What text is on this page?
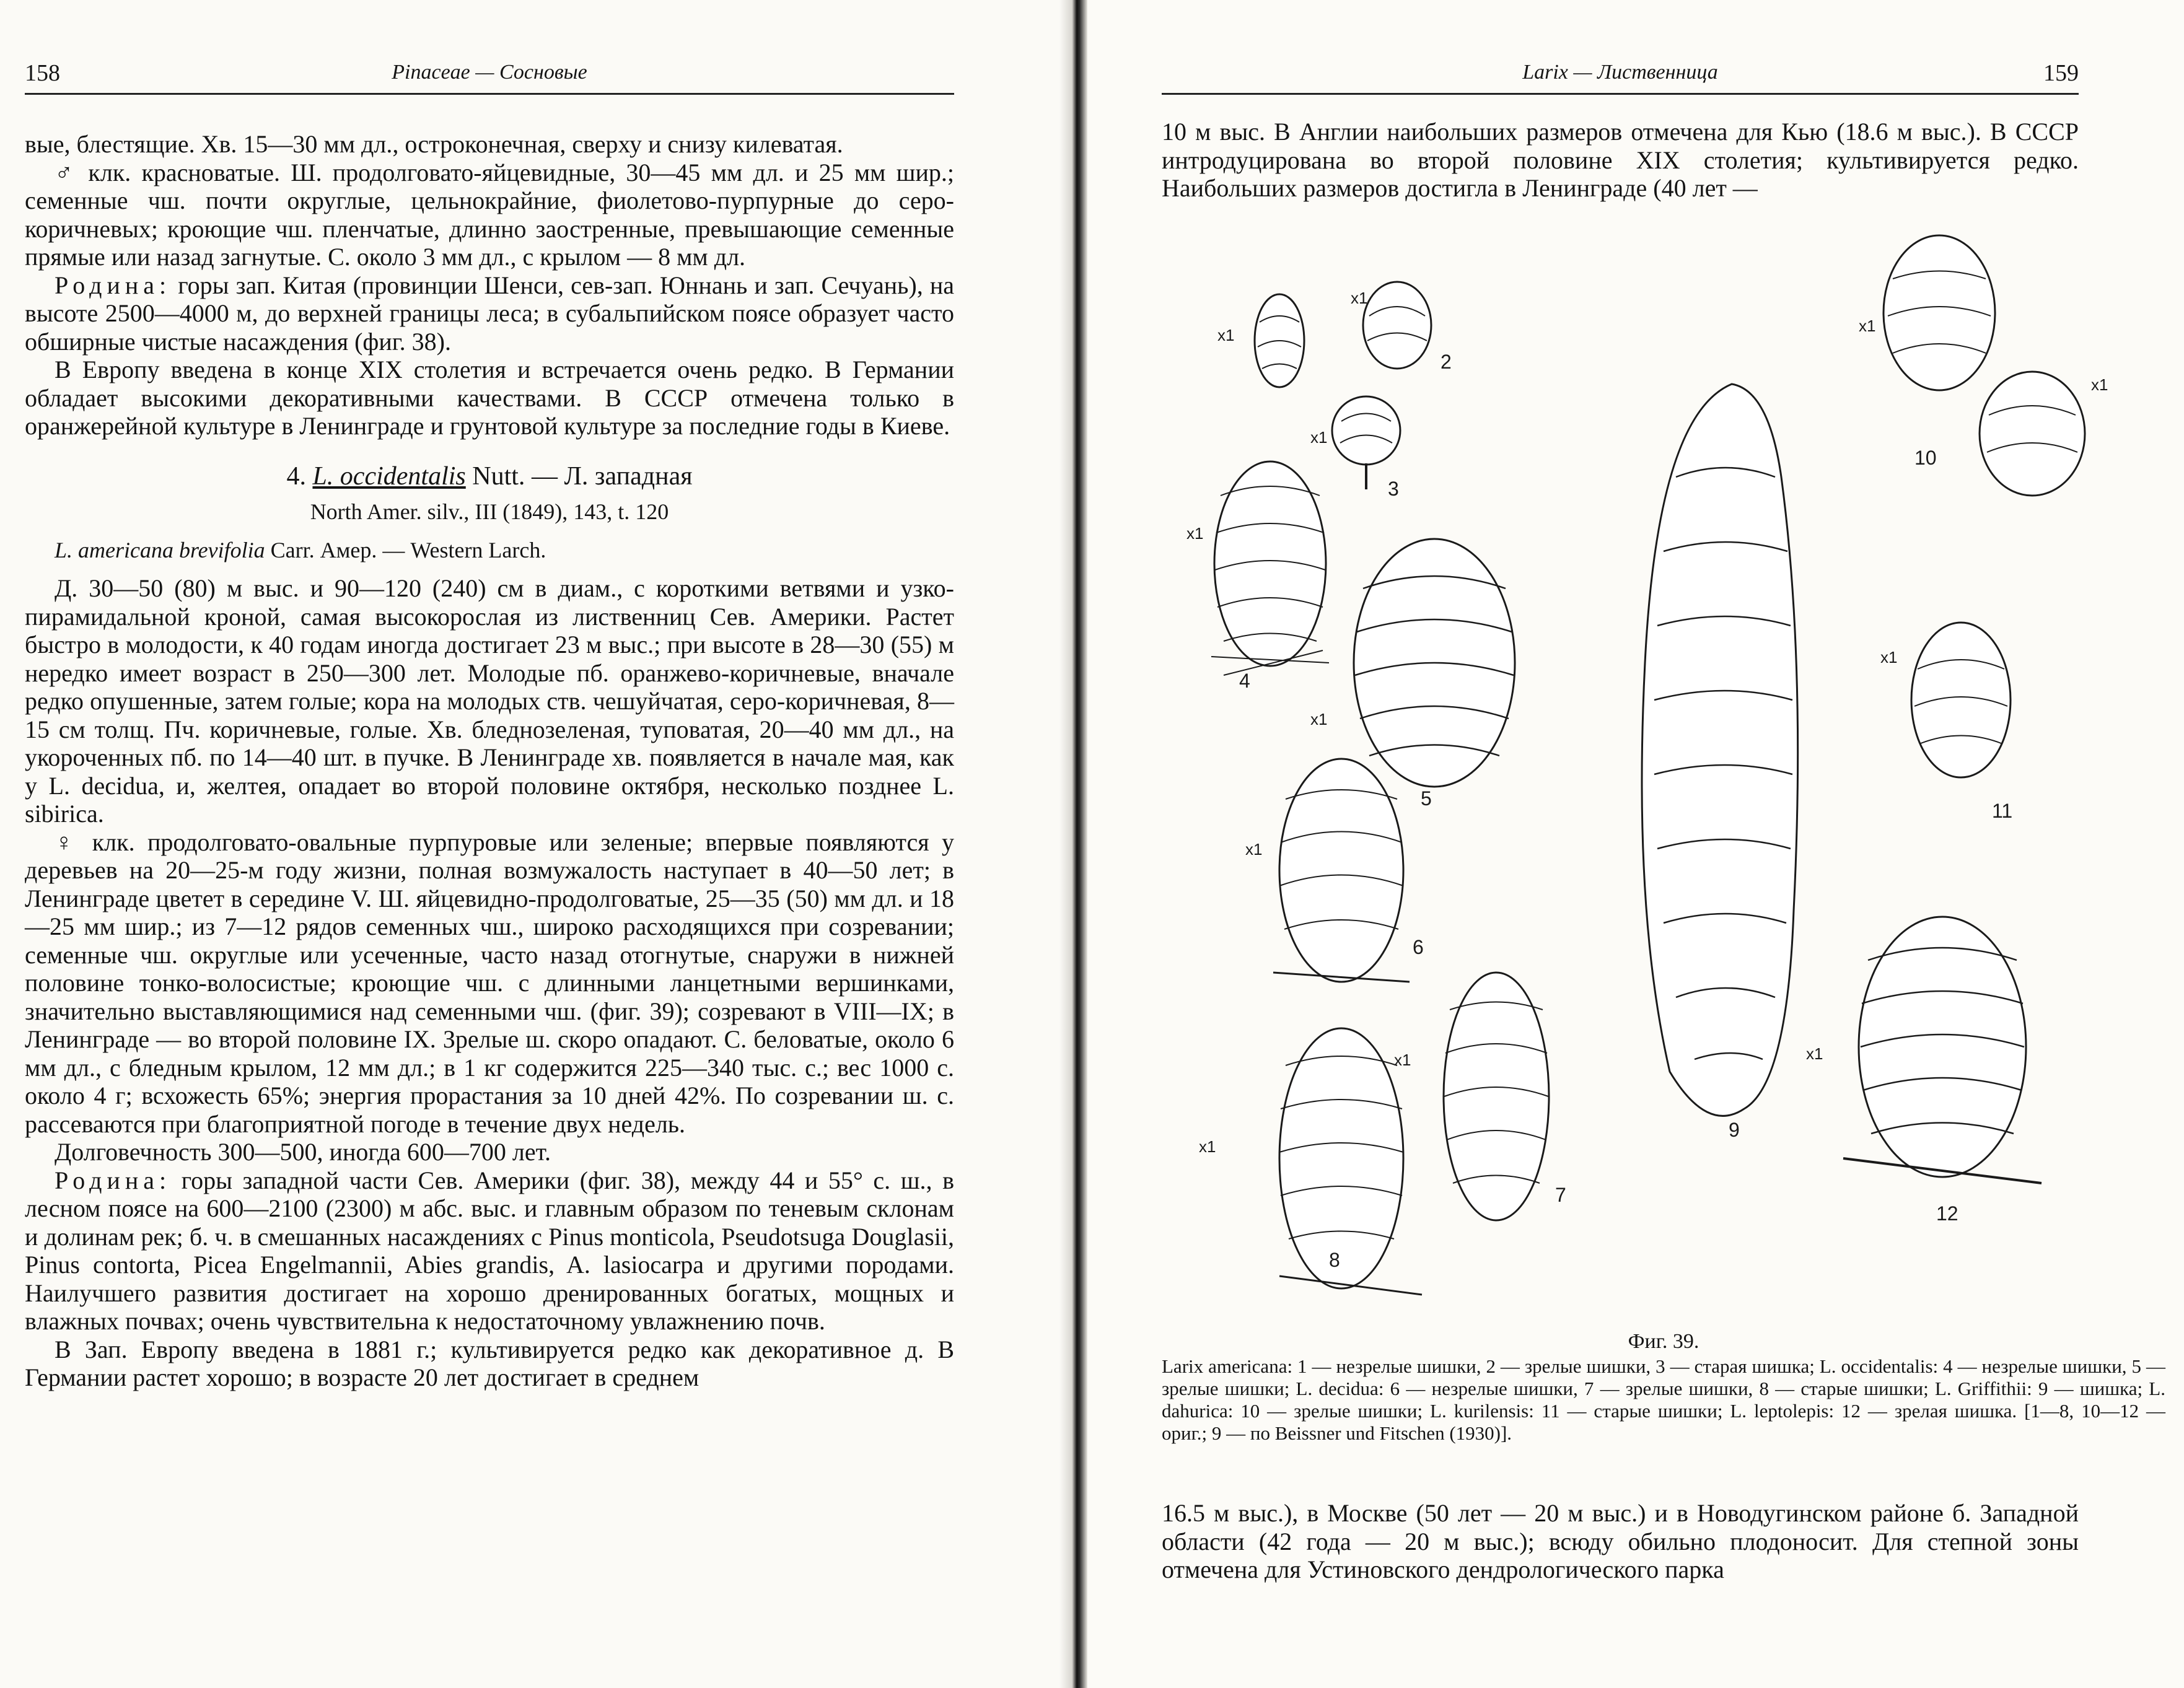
158	Pinaceae — Сосновые

вые, блестящие. Хв. 15—30 мм дл., остроконечная, сверху и снизу килеватая.

♂ клк. красноватые. Ш. продолговато-яйцевидные, 30—45 мм дл. и 25 мм шир.; семенные чш. почти округлые, цельнокрайние, фиолетово-пурпурные до серо-коричневых; кроющие чш. пленчатые, длинно заостренные, превышающие семенные прямые или назад загнутые. С. около 3 мм дл., с крылом — 8 мм дл.

Родина: горы зап. Китая (провинции Шенси, сев-зап. Юннань и зап. Сечуань), на высоте 2500—4000 м, до верхней границы леса; в субальпийском поясе образует часто обширные чистые насаждения (фиг. 38).

В Европу введена в конце XIX столетия и встречается очень редко. В Германии обладает высокими декоративными качествами. В СССР отмечена только в оранжерейной культуре в Ленинграде и грунтовой культуре за последние годы в Киеве.

4. L. occidentalis Nutt. — Л. западная

North Amer. silv., III (1849), 143, t. 120

L. americana brevifolia Carr. Амер. — Western Larch.

Д. 30—50 (80) м выс. и 90—120 (240) см в диам., с короткими ветвями и узко-пирамидальной кроной, самая высокорослая из лиственниц Сев. Америки. Растет быстро в молодости, к 40 годам иногда достигает 23 м выс.; при высоте в 28—30 (55) м нередко имеет возраст в 250—300 лет. Молодые пб. оранжево-коричневые, вначале редко опушенные, затем голые; кора на молодых ств. чешуйчатая, серо-коричневая, 8—15 см толщ. Пч. коричневые, голые. Хв. бледнозеленая, туповатая, 20—40 мм дл., на укороченных пб. по 14—40 шт. в пучке. В Ленинграде хв. появляется в начале мая, как у L. decidua, и, желтея, опадает во второй половине октября, несколько позднее L. sibirica.

♀ клк. продолговато-овальные пурпуровые или зеленые; впервые появляются у деревьев на 20—25-м году жизни, полная возмужалость наступает в 40—50 лет; в Ленинграде цветет в середине V. Ш. яйцевидно-продолговатые, 25—35 (50) мм дл. и 18—25 мм шир.; из 7—12 рядов семенных чш., широко расходящихся при созревании; семенные чш. округлые или усеченные, часто назад отогнутые, снаружи в нижней половине тонко-волосистые; кроющие чш. с длинными ланцетными вершинками, значительно выставляющимися над семенными чш. (фиг. 39); созревают в VIII—IX; в Ленинграде — во второй половине IX. Зрелые ш. скоро опадают. С. беловатые, около 6 мм дл., с бледным крылом, 12 мм дл.; в 1 кг содержится 225—340 тыс. с.; вес 1000 с. около 4 г; всхожесть 65%; энергия прорастания за 10 дней 42%. По созревании ш. с. рассеваются при благоприятной погоде в течение двух недель.

Долговечность 300—500, иногда 600—700 лет.

Родина: горы западной части Сев. Америки (фиг. 38), между 44 и 55° с. ш., в лесном поясе на 600—2100 (2300) м абс. выс. и главным образом по теневым склонам и долинам рек; б. ч. в смешанных насаждениях с Pinus monticola, Pseudotsuga Douglasii, Pinus contorta, Picea Engelmannii, Abies grandis, A. lasiocarpa и другими породами. Наилучшего развития достигает на хорошо дренированных богатых, мощных и влажных почвах; очень чувствительна к недостаточному увлажнению почв.

В Зап. Европу введена в 1881 г.; культивируется редко как декоративное д. В Германии растет хорошо; в возрасте 20 лет достигает в среднем

Larix — Лиственница	159
10 м выс. В Англии наибольших размеров отмечена для Кью (18.6 м выс.). В СССР интродуцирована во второй половине XIX столетия; культивируется редко. Наибольших размеров достигла в Ленинграде (40 лет —
x1
x1
2
x1
3
x1
4
x1
5
x1
6
x1
7
x1
8
9
x1
x1
10
x1
11
x1
12
Фиг. 39.
Larix americana: 1 — незрелые шишки, 2 — зрелые шишки, 3 — старая шишка; L. occidentalis: 4 — незрелые шишки, 5 — зрелые шишки; L. decidua: 6 — незрелые шишки, 7 — зрелые шишки, 8 — старые шишки; L. Griffithii: 9 — шишка; L. dahurica: 10 — зрелые шишки; L. kurilensis: 11 — старые шишки; L. leptolepis: 12 — зрелая шишка. [1—8, 10—12 — ориг.; 9 — по Beissner und Fitschen (1930)].
16.5 м выс.), в Москве (50 лет — 20 м выс.) и в Новодугинском районе б. Западной области (42 года — 20 м выс.); всюду обильно плодоносит. Для степной зоны отмечена для Устиновского дендрологического парка
